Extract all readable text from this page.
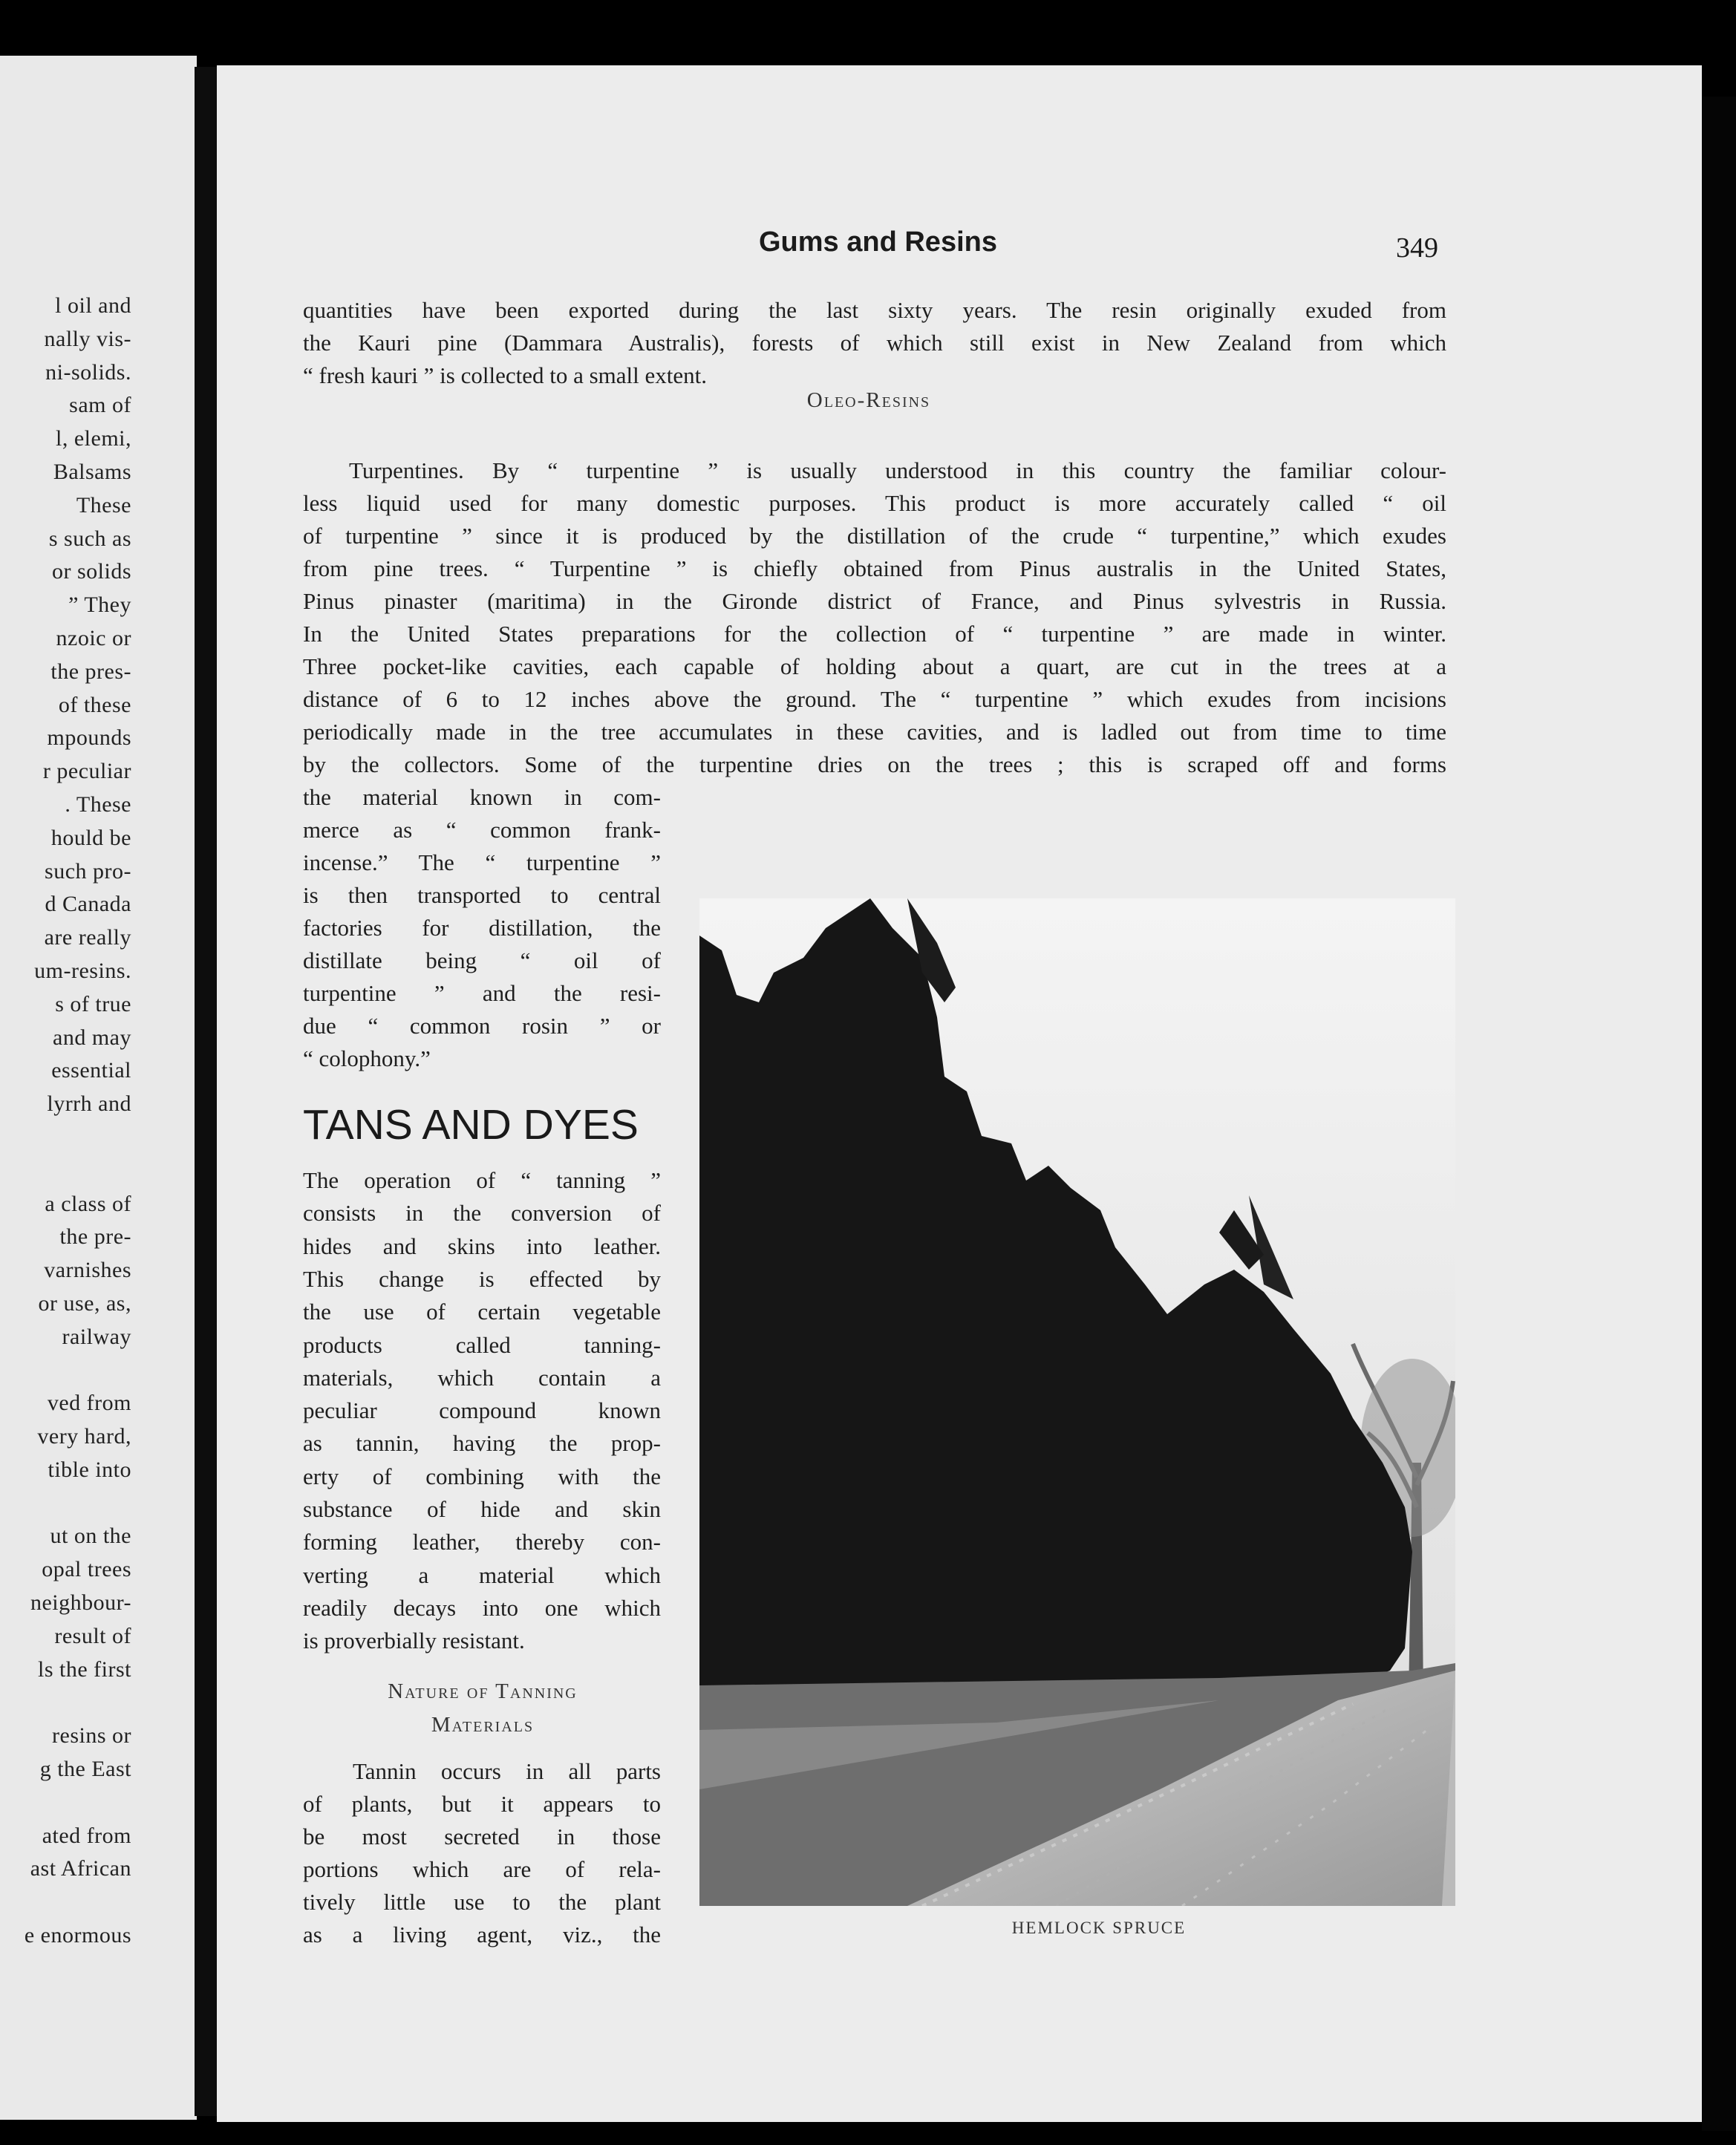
l oil and
nally vis-
ni-solids.
sam of
l, elemi,
Balsams
These
s such as
or solids
” They
nzoic or
the pres-
of these
mpounds
r peculiar
. These
hould be
such pro-
d Canada
are really
um-resins.
s of true
and may
essential
lyrrh and
a class of
the pre-
varnishes
or use, as,
railway
ved from
very hard,
tible into
ut on the
opal trees
neighbour-
result of
ls the first
resins or
g the East
ated from
ast African
e enormous
Gums and Resins	349
quantities have been exported during the last sixty years. The resin originally exuded from
the Kauri pine (Dammara Australis), forests of which still exist in New Zealand from which
“ fresh kauri ” is collected to a small extent.
Turpentines. By “ turpentine ” is usually understood in this country the familiar colour-
less liquid used for many domestic purposes. This product is more accurately called “ oil
of turpentine ” since it is produced by the distillation of the crude “ turpentine,” which exudes
from pine trees. “ Turpentine ” is chiefly obtained from Pinus australis in the United States,
Pinus pinaster (maritima) in the Gironde district of France, and Pinus sylvestris in Russia.
In the United States preparations for the collection of “ turpentine ” are made in winter.
Three pocket-like cavities, each capable of holding about a quart, are cut in the trees at a
distance of 6 to 12 inches above the ground. The “ turpentine ” which exudes from incisions
periodically made in the tree accumulates in these cavities, and is ladled out from time to time
by the collectors. Some of the turpentine dries on the trees ; this is scraped off and forms
the material known in com-
merce as “ common frank-
incense.” The “ turpentine ”
is then transported to central
factories for distillation, the
distillate being “ oil of
turpentine ” and the resi-
due “ common rosin ” or
“ colophony.”
The operation of “ tanning ”
consists in the conversion of
hides and skins into leather.
This change is effected by
the use of certain vegetable
products called tanning-
materials, which contain a
peculiar compound known
as tannin, having the prop-
erty of combining with the
substance of hide and skin
forming leather, thereby con-
verting a material which
readily decays into one which
is proverbially resistant.
Tannin occurs in all parts
of plants, but it appears to
be most secreted in those
portions which are of rela-
tively little use to the plant
as a living agent, viz., the
Oleo-Resins
TANS AND DYES
Nature of Tanning
Materials
HEMLOCK SPRUCE
